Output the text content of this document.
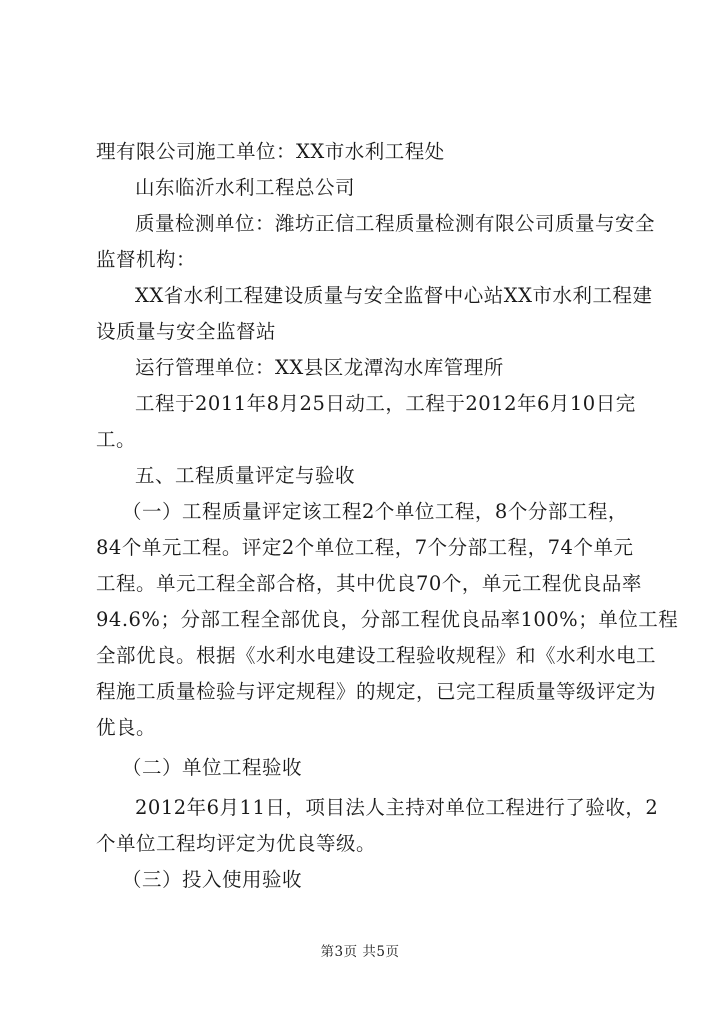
理有限公司施工单位：XX市水利工程处
山东临沂水利工程总公司
质量检测单位：潍坊正信工程质量检测有限公司质量与安全
监督机构：
XX省水利工程建设质量与安全监督中心站XX市水利工程建
设质量与安全监督站
运行管理单位：XX县区龙潭沟水库管理所
工程于2011年8月25日动工，工程于2012年6月10日完
工。
五、工程质量评定与验收
（一）工程质量评定该工程2个单位工程，8个分部工程，
84个单元工程。评定2个单位工程，7个分部工程，74个单元
工程。单元工程全部合格，其中优良70个，单元工程优良品率
94.6%；分部工程全部优良，分部工程优良品率100%；单位工程
全部优良。根据《水利水电建设工程验收规程》和《水利水电工
程施工质量检验与评定规程》的规定，已完工程质量等级评定为
优良。
（二）单位工程验收
2012年6月11日，项目法人主持对单位工程进行了验收，2
个单位工程均评定为优良等级。
（三）投入使用验收
第3页 共5页
